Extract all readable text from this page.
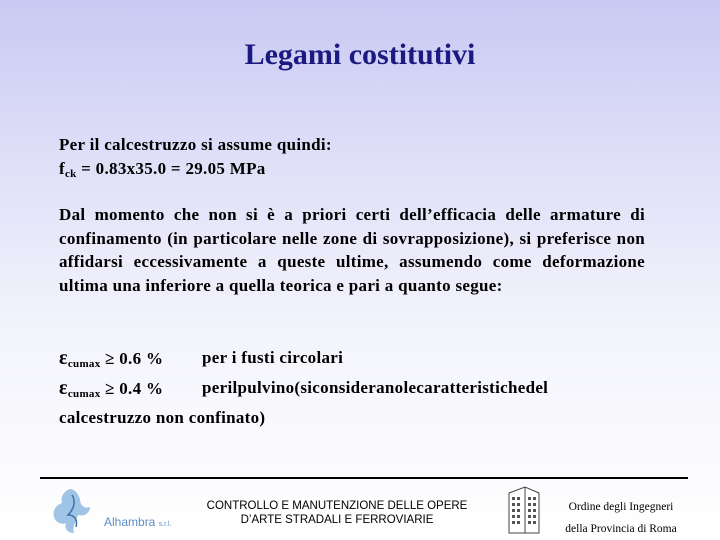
Legami costitutivi
Per il calcestruzzo si assume quindi:
$f_{ck} = 0.83x35.0 = 29.05$ MPa
Dal momento che non si è a priori certi dell’efficacia delle armature di confinamento (in particolare nelle zone di sovrapposizione), si preferisce non affidarsi eccessivamente a queste ultime, assumendo come deformazione ultima una inferiore a quella teorica e pari a quanto segue:
$\varepsilon_{cumax} \ge 0.6$ % per i fusti circolari
$\varepsilon_{cumax} \ge 0.4$ % perilpulvino(siconsideranolecaratteristichedel
calcestruzzo non confinato)
Alhambra s.r.l.
CONTROLLO E MANUTENZIONE DELLE OPERE
D’ARTE STRADALI E FERROVIARIE
Ordine degli Ingegneri
della Provincia di Roma
